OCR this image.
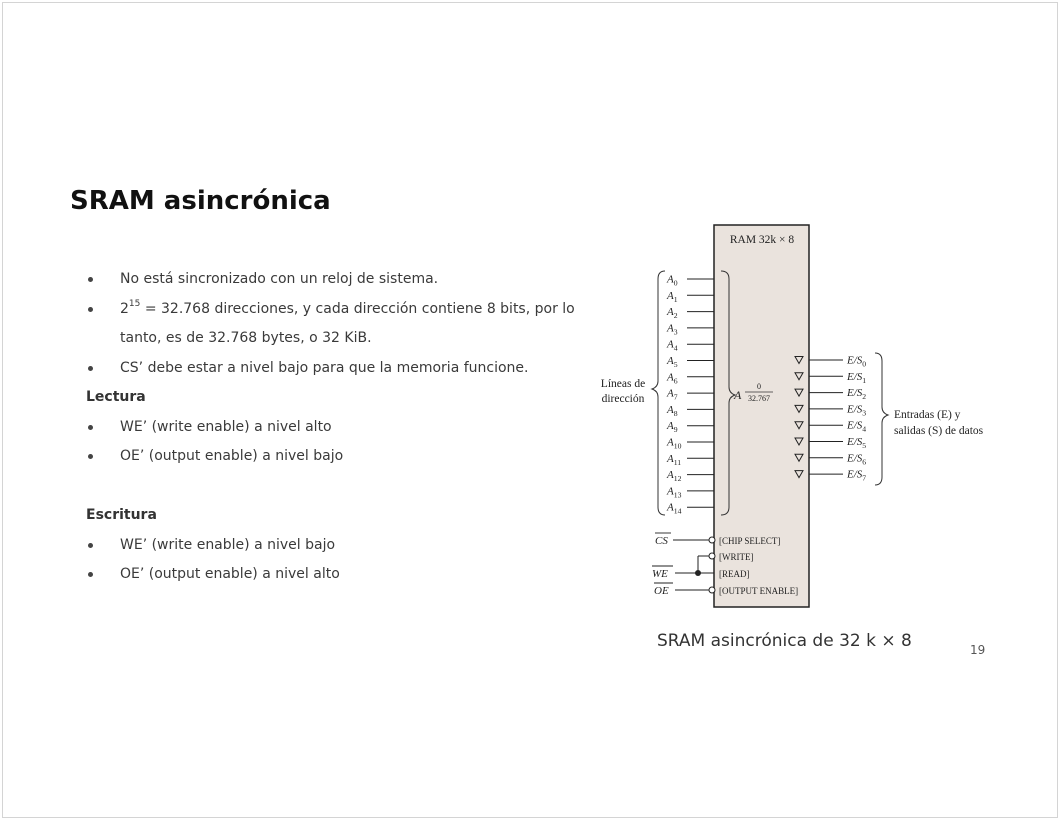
SRAM asincrónica
No está sincronizado con un reloj de sistema.
$2^{15} = 32.768$ direcciones, y cada dirección contiene 8 bits, por lo
tanto, es de 32.768 bytes, o 32 KiB.
CS’ debe estar a nivel bajo para que la memoria funcione.
Lectura
WE’ (write enable) a nivel alto
OE’ (output enable) a nivel bajo
Escritura
WE’ (write enable) a nivel bajo
OE’ (output enable) a nivel alto
RAM 32k × 8
$A_0$
$A_1$
$A_2$
$A_3$
$A_4$
$A_5$
$A_6$
$A_7$
$A_8$
$A_9$
$A_{10}$
$A_{11}$
$A_{12}$
$A_{13}$
$A_{14}$
Líneas de
dirección	A
0
32.767
$E/S_0$
$E/S_1$
$E/S_2$
$E/S_3$
$E/S_4$
$E/S_5$
$E/S_6$
$E/S_7$
Entradas (E) y
salidas (S) de datos
CS	[CHIP SELECT]
[WRITE]
WE	[READ]
OE	[OUTPUT ENABLE]
SRAM asincrónica de 32 k × 8	19
